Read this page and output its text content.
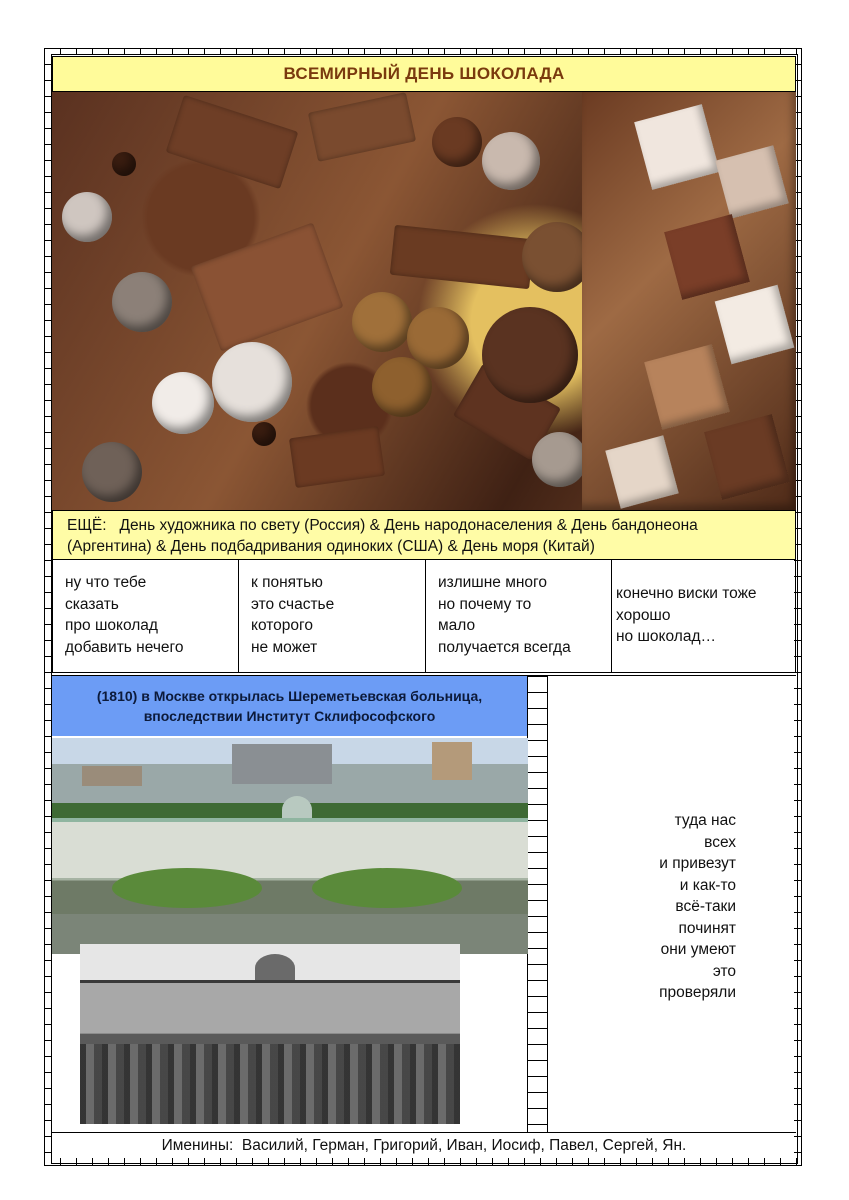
ВСЕМИРНЫЙ ДЕНЬ ШОКОЛАДА
ЕЩЁ:   День художника по свету (Россия) & День народонаселения & День бандонеона
(Аргентина) & День подбадривания одиноких (США) & День моря (Китай)
ну что тебе
сказать
про шоколад
добавить нечего
к понятью
это счастье
которого
не может
излишне много
но почему то
мало
получается всегда
конечно виски тоже
хорошо
но шоколад…
(1810) в Москве открылась Шереметьевская больница,
впоследствии Институт Склифософского
туда нас
всех
и привезут
и как-то
всё-таки
починят
они умеют
это
проверяли
Именины:  Василий, Герман, Григорий, Иван, Иосиф, Павел, Сергей, Ян.
